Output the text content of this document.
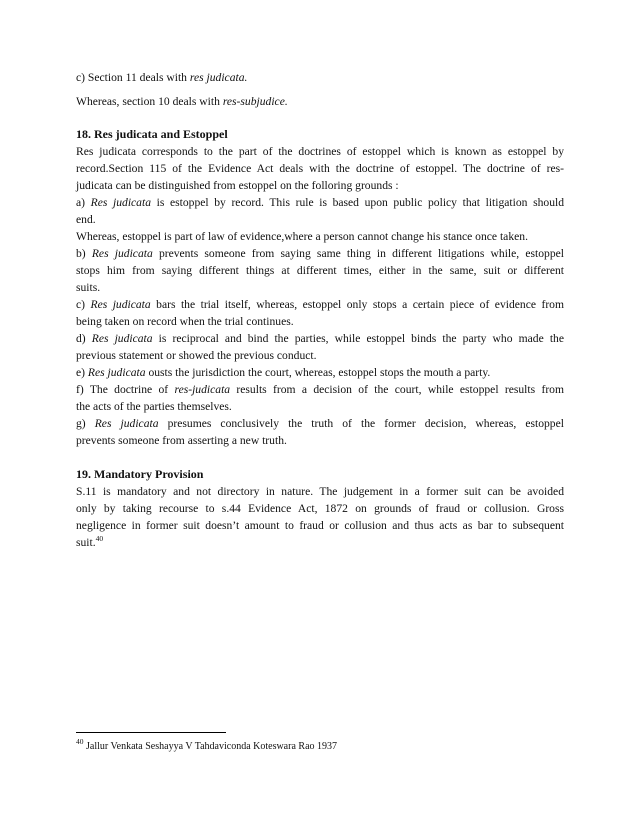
c) Section 11 deals with res judicata.

Whereas, section 10 deals with res-subjudice.

18. Res judicata and Estoppel

Res judicata corresponds to the part of the doctrines of estoppel which is known as estoppel by

record.Section 115 of the Evidence Act deals with the doctrine of estoppel. The doctrine of res-

judicata can be distinguished from estoppel on the folloring grounds :

a) Res judicata is estoppel by record. This rule is based upon public policy that litigation should

end.

Whereas, estoppel is part of law of evidence,where a person cannot change his stance once taken.

b) Res judicata prevents someone from saying same thing in different litigations while, estoppel

stops him from saying different things at different times, either in the same, suit or different

suits.

c) Res judicata bars the trial itself, whereas, estoppel only stops a certain piece of evidence from

being taken on record when the trial continues.

d) Res judicata is reciprocal and bind the parties, while estoppel binds the party who made the

previous statement or showed the previous conduct.

e) Res judicata ousts the jurisdiction the court, whereas, estoppel stops the mouth a party.

f) The doctrine of res-judicata results from a decision of the court, while estoppel results from

the acts of the parties themselves.

g) Res judicata presumes conclusively the truth of the former decision, whereas, estoppel

prevents someone from asserting a new truth.

19. Mandatory Provision

S.11 is mandatory and not directory in nature. The judgement in a former suit can be avoided

only by taking recourse to s.44 Evidence Act, 1872 on grounds of fraud or collusion. Gross

negligence in former suit doesn’t amount to fraud or collusion and thus acts as bar to subsequent

suit.$^{40}$

$^{40}$ Jallur Venkata Seshayya V Tahdaviconda Koteswara Rao 1937
